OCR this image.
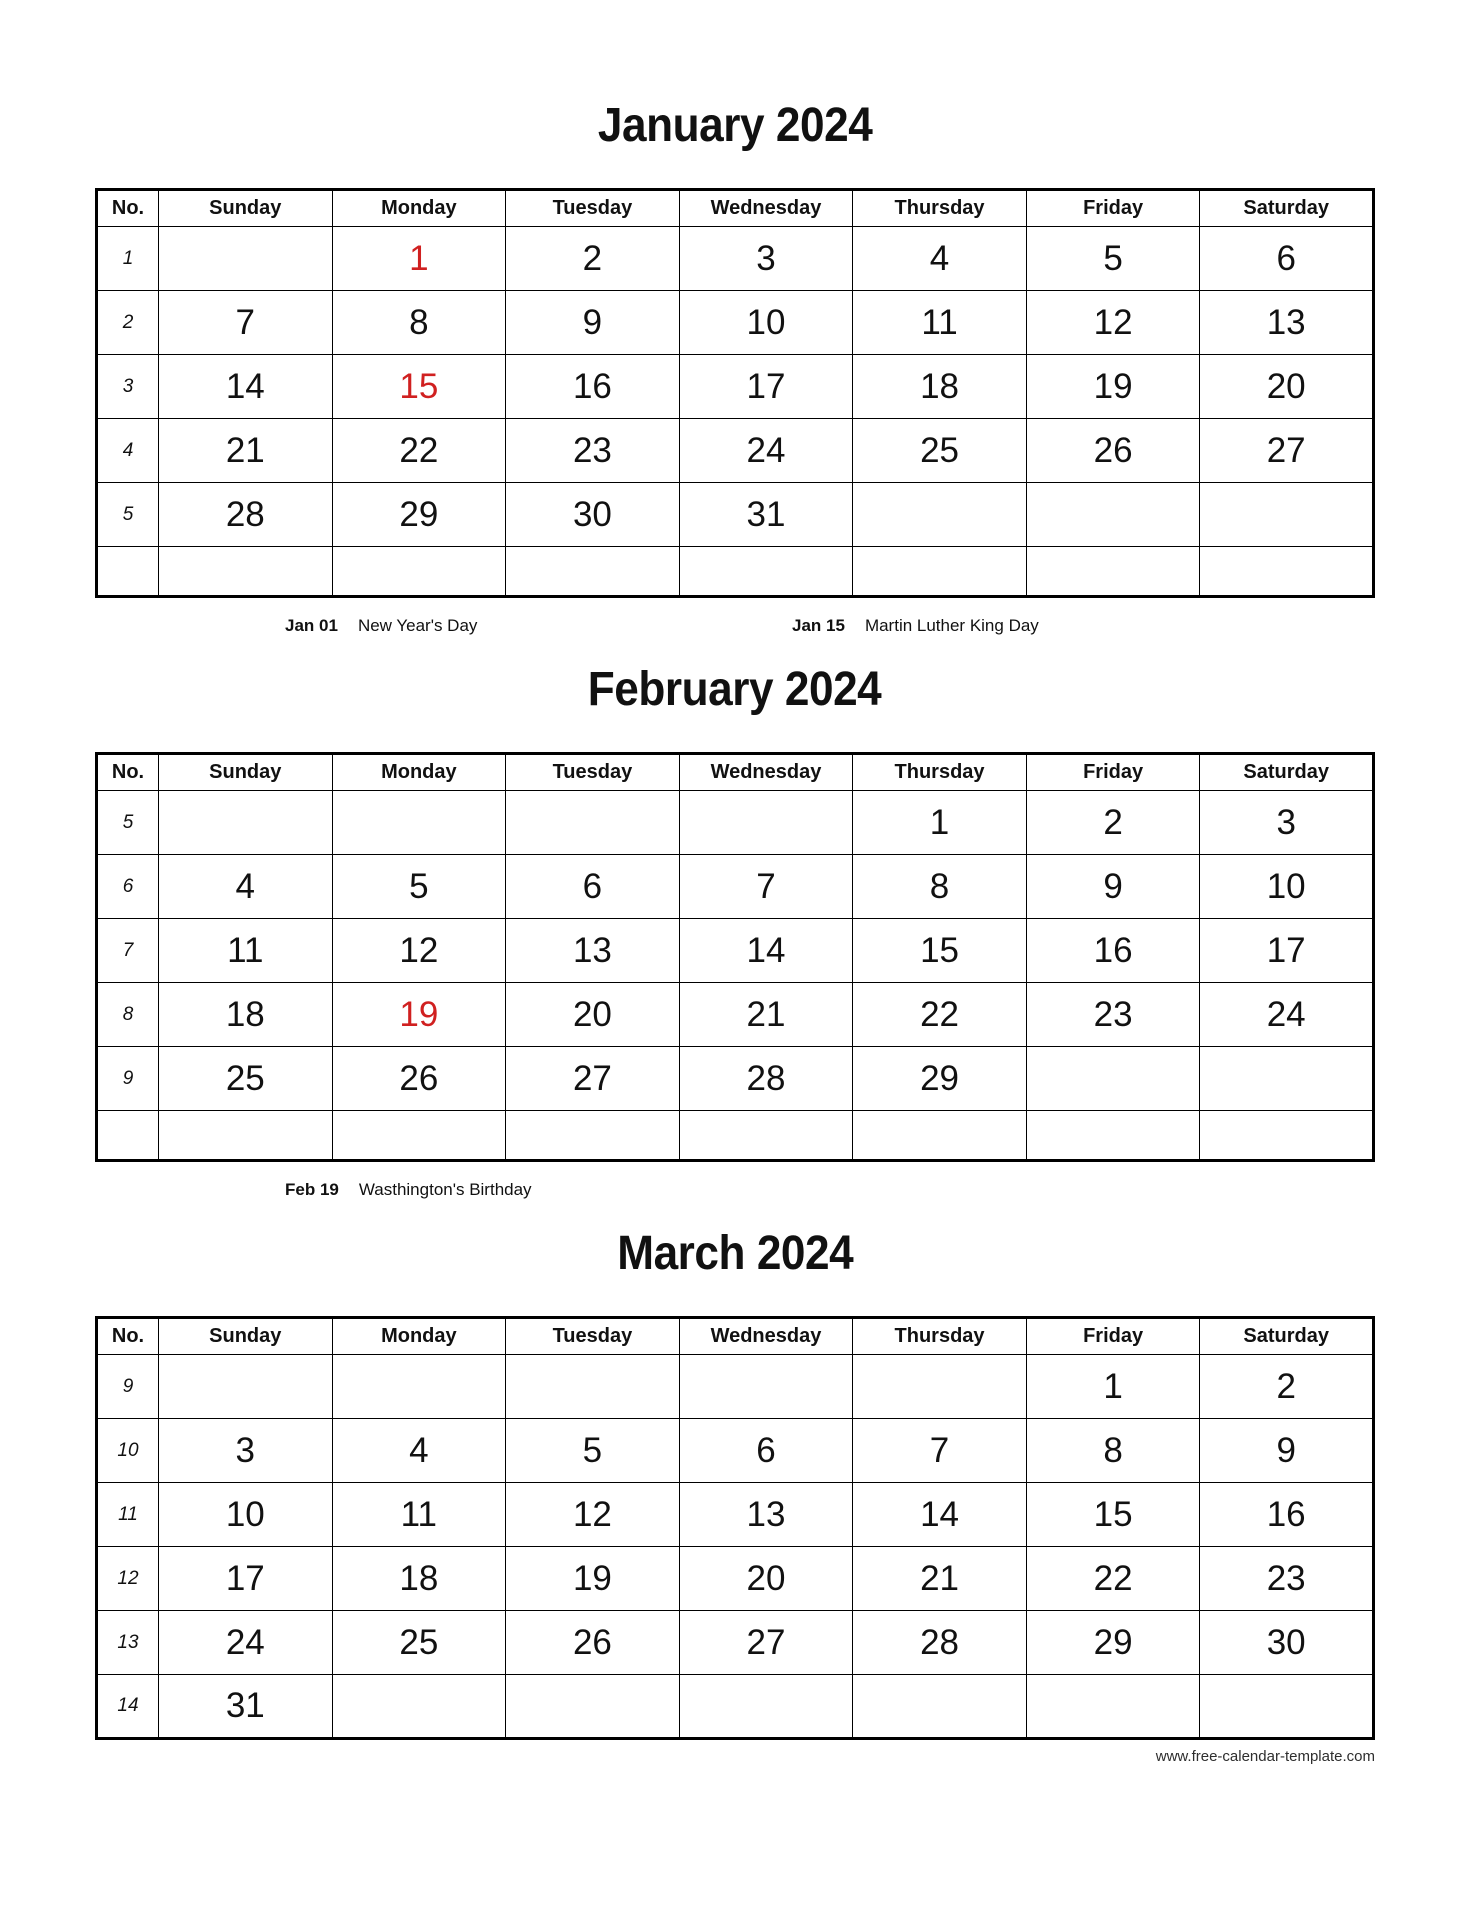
January 2024
No.	Sunday	Monday	Tuesday	Wednesday	Thursday	Friday	Saturday
1		1	2	3	4	5	6
2	7	8	9	10	11	12	13
3	14	15	16	17	18	19	20
4	21	22	23	24	25	26	27
5	28	29	30	31			

Jan 01 New Year's Day	Jan 15 Martin Luther King Day
February 2024
No.	Sunday	Monday	Tuesday	Wednesday	Thursday	Friday	Saturday
5					1	2	3
6	4	5	6	7	8	9	10
7	11	12	13	14	15	16	17
8	18	19	20	21	22	23	24
9	25	26	27	28	29		

Feb 19 Wasthington's Birthday
March 2024
No.	Sunday	Monday	Tuesday	Wednesday	Thursday	Friday	Saturday
9						1	2
10	3	4	5	6	7	8	9
11	10	11	12	13	14	15	16
12	17	18	19	20	21	22	23
13	24	25	26	27	28	29	30
14	31						
www.free-calendar-template.com
